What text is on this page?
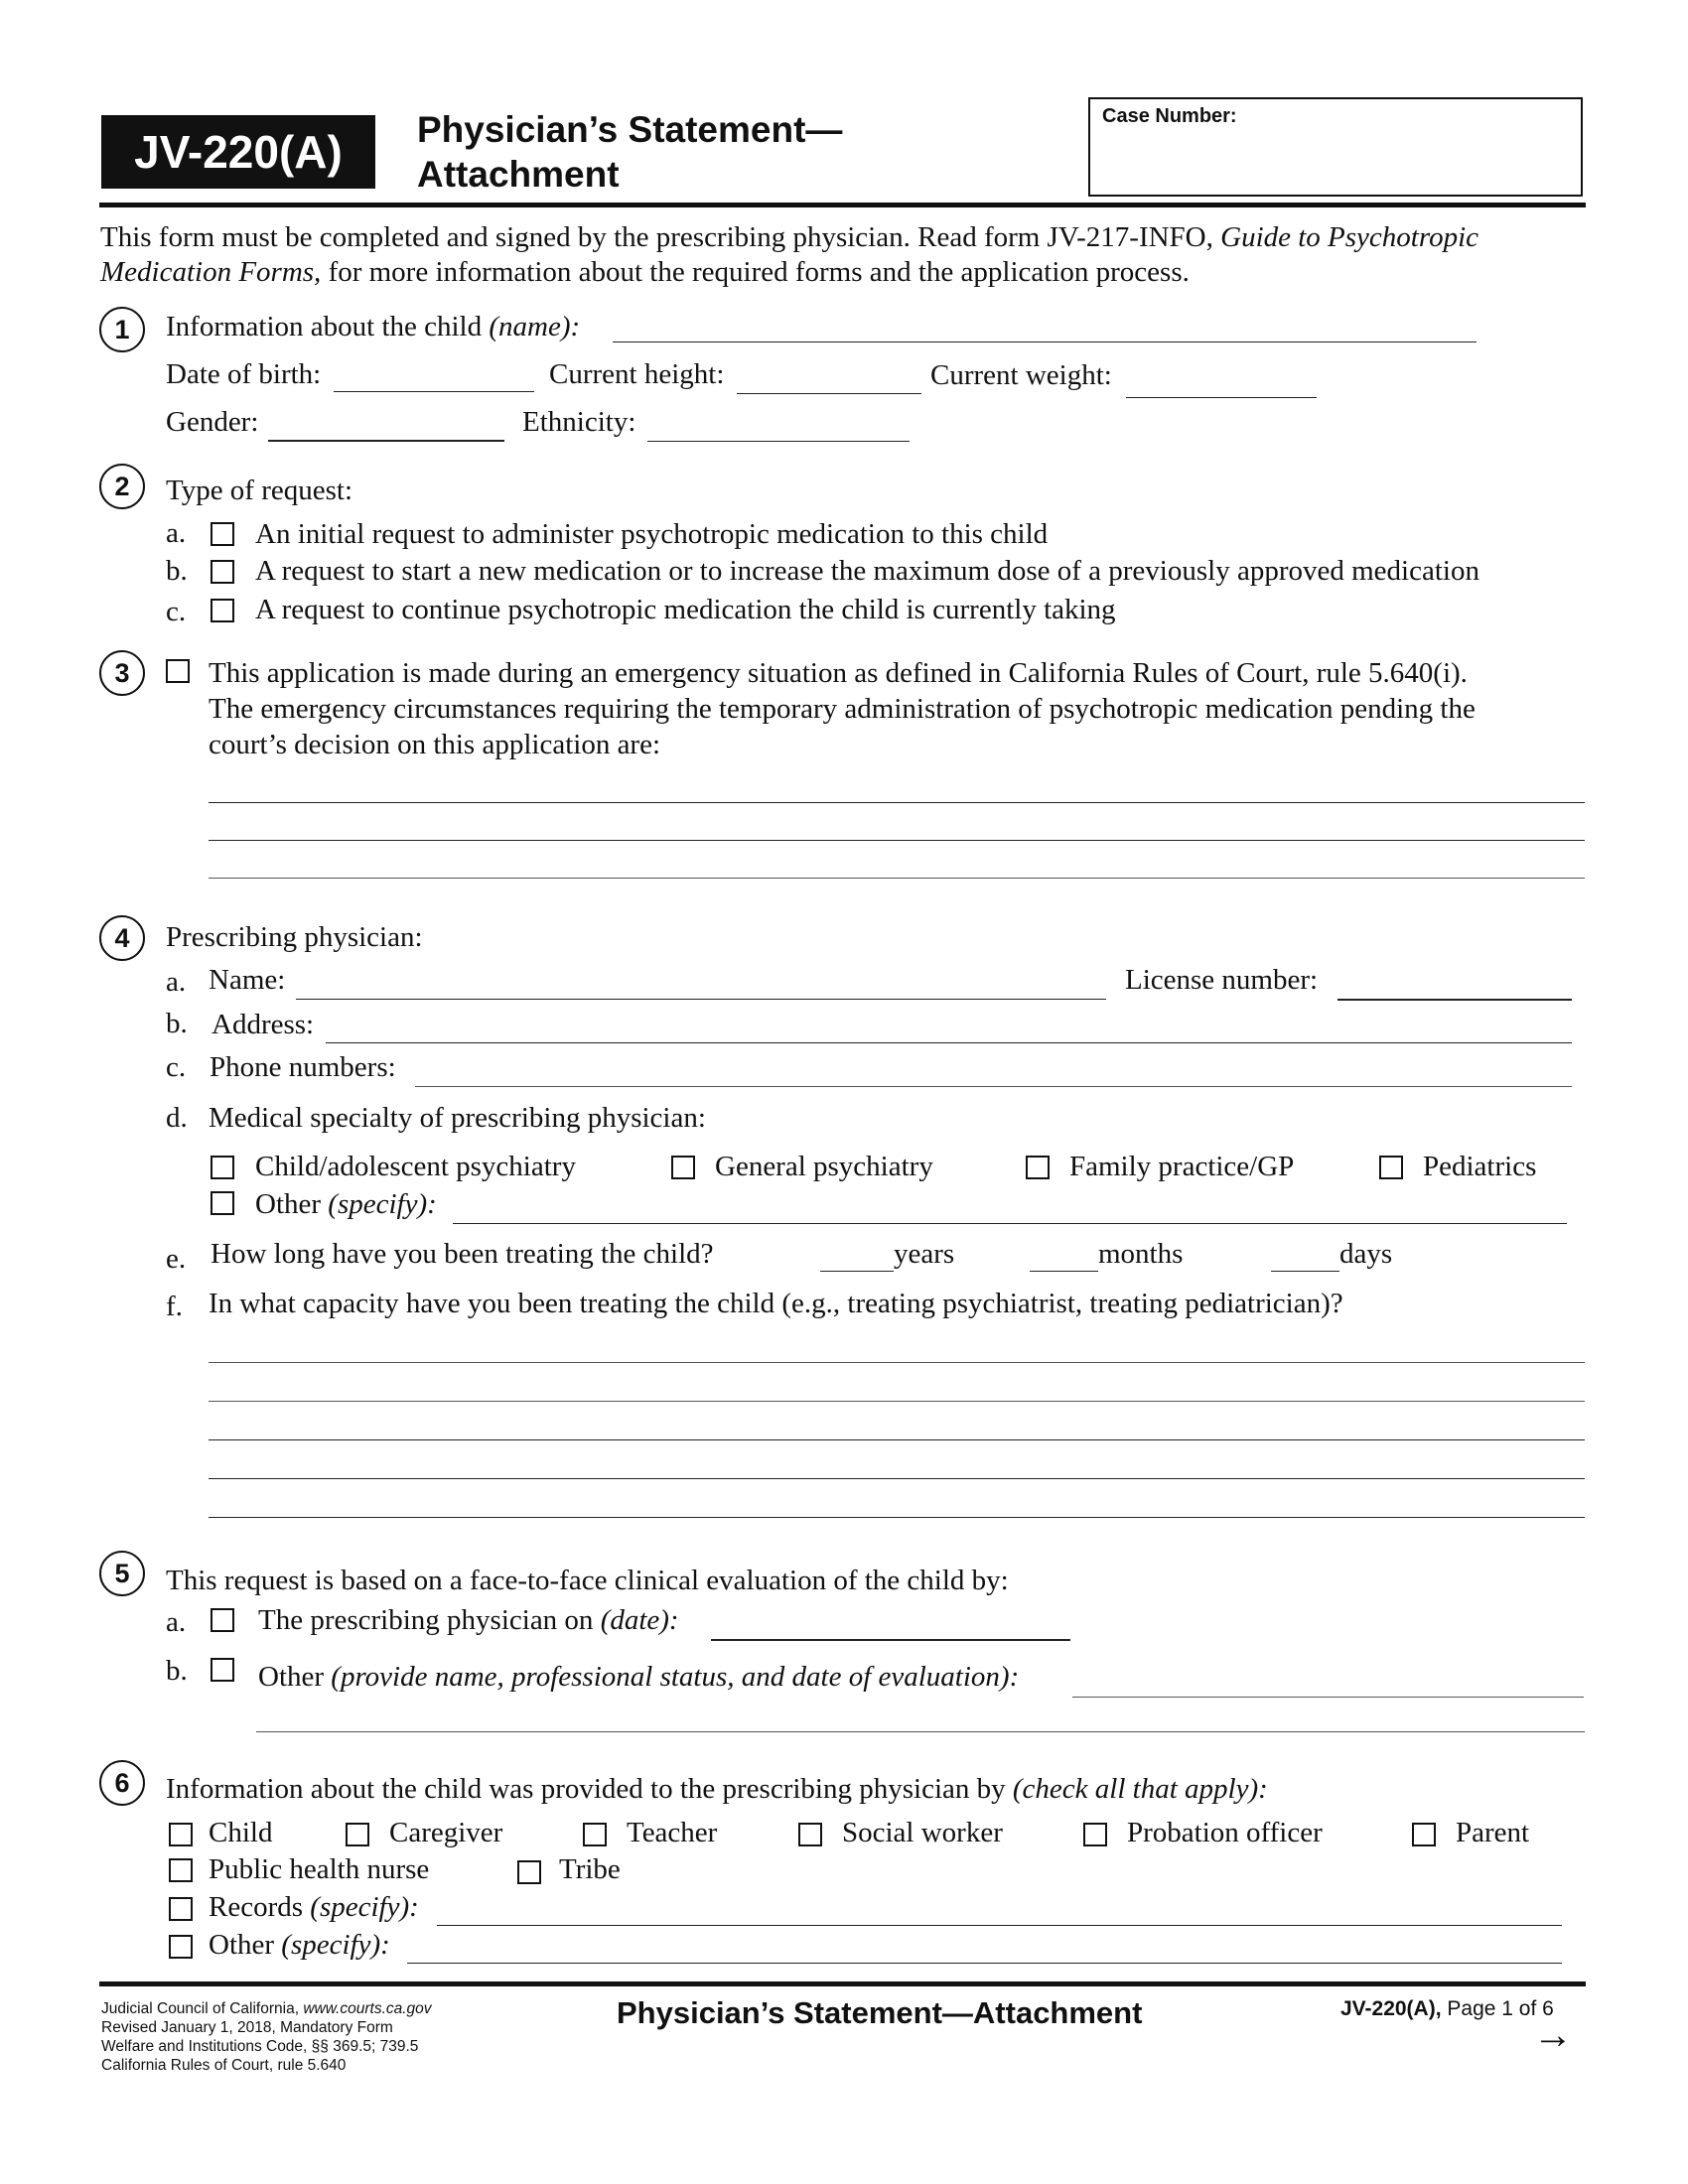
JV-220(A)	Physician’s Statement—
Attachment
Case Number:
This form must be completed and signed by the prescribing physician. Read form JV-217-INFO, Guide to Psychotropic
Medication Forms, for more information about the required forms and the application process.
1	Information about the child (name):
Date of birth:	Current height:	Current weight:
Gender:	Ethnicity:
2	Type of request:
a. An initial request to administer psychotropic medication to this child
b. A request to start a new medication or to increase the maximum dose of a previously approved medication
c. A request to continue psychotropic medication the child is currently taking
3	This application is made during an emergency situation as defined in California Rules of Court, rule 5.640(i).
The emergency circumstances requiring the temporary administration of psychotropic medication pending the
court’s decision on this application are:
4	Prescribing physician:
a. Name:	License number:
b. Address:
c. Phone numbers:
d. Medical specialty of prescribing physician:
Child/adolescent psychiatry	General psychiatry	Family practice/GP	Pediatrics
Other (specify):
e. How long have you been treating the child?	years	months	days
f. In what capacity have you been treating the child (e.g., treating psychiatrist, treating pediatrician)?
5	This request is based on a face-to-face clinical evaluation of the child by:
a.	The prescribing physician on (date):
b. Other (provide name, professional status, and date of evaluation):
6	Information about the child was provided to the prescribing physician by (check all that apply):
Child	Caregiver	Teacher	Social worker	Probation officer	Parent
Public health nurse	Tribe
Records (specify):
Other (specify):
Judicial Council of California, www.courts.ca.gov
Revised January 1, 2018, Mandatory Form
Welfare and Institutions Code, §§ 369.5; 739.5
California Rules of Court, rule 5.640
Physician’s Statement—Attachment	JV-220(A), Page 1 of 6
→
